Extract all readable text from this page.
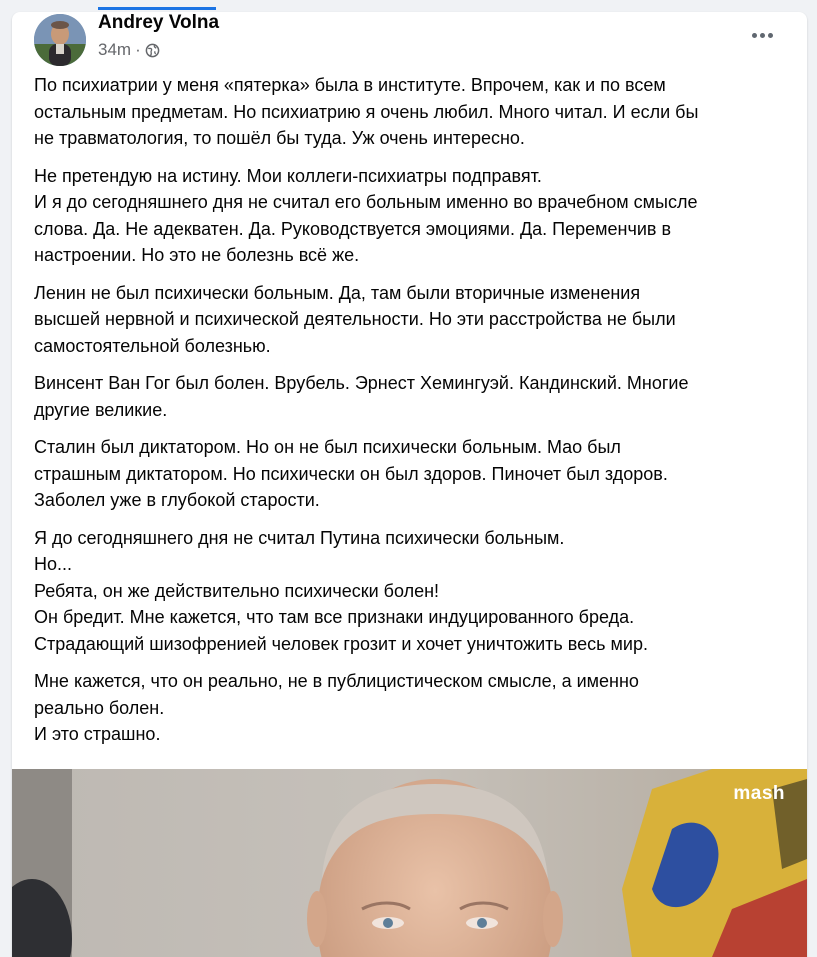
Andrey Volna
34m ·

По психиатрии у меня «пятерка» была в институте. Впрочем, как и по всем
остальным предметам. Но психиатрию я очень любил. Много читал. И если бы
не травматология, то пошёл бы туда. Уж очень интересно.

Не претендую на истину. Мои коллеги-психиатры подправят.
И я до сегодняшнего дня не считал его больным именно во врачебном смысле
слова. Да. Не адекватен. Да. Руководствуется эмоциями. Да. Переменчив в
настроении. Но это не болезнь всё же.

Ленин не был психически больным. Да, там были вторичные изменения
высшей нервной и психической деятельности. Но эти расстройства не были
самостоятельной болезнью.

Винсент Ван Гог был болен. Врубель. Эрнест Хемингуэй. Кандинский. Многие
другие великие.

Сталин был диктатором. Но он не был психически больным. Мао был
страшным диктатором. Но психически он был здоров. Пиночет был здоров.
Заболел уже в глубокой старости.

Я до сегодняшнего дня не считал Путина психически больным.
Но...
Ребята, он же действительно психически болен!
Он бредит. Мне кажется, что там все признаки индуцированного бреда.
Страдающий шизофренией человек грозит и хочет уничтожить весь мир.

Мне кажется, что он реально, не в публицистическом смысле, а именно
реально болен.
И это страшно.

mash
